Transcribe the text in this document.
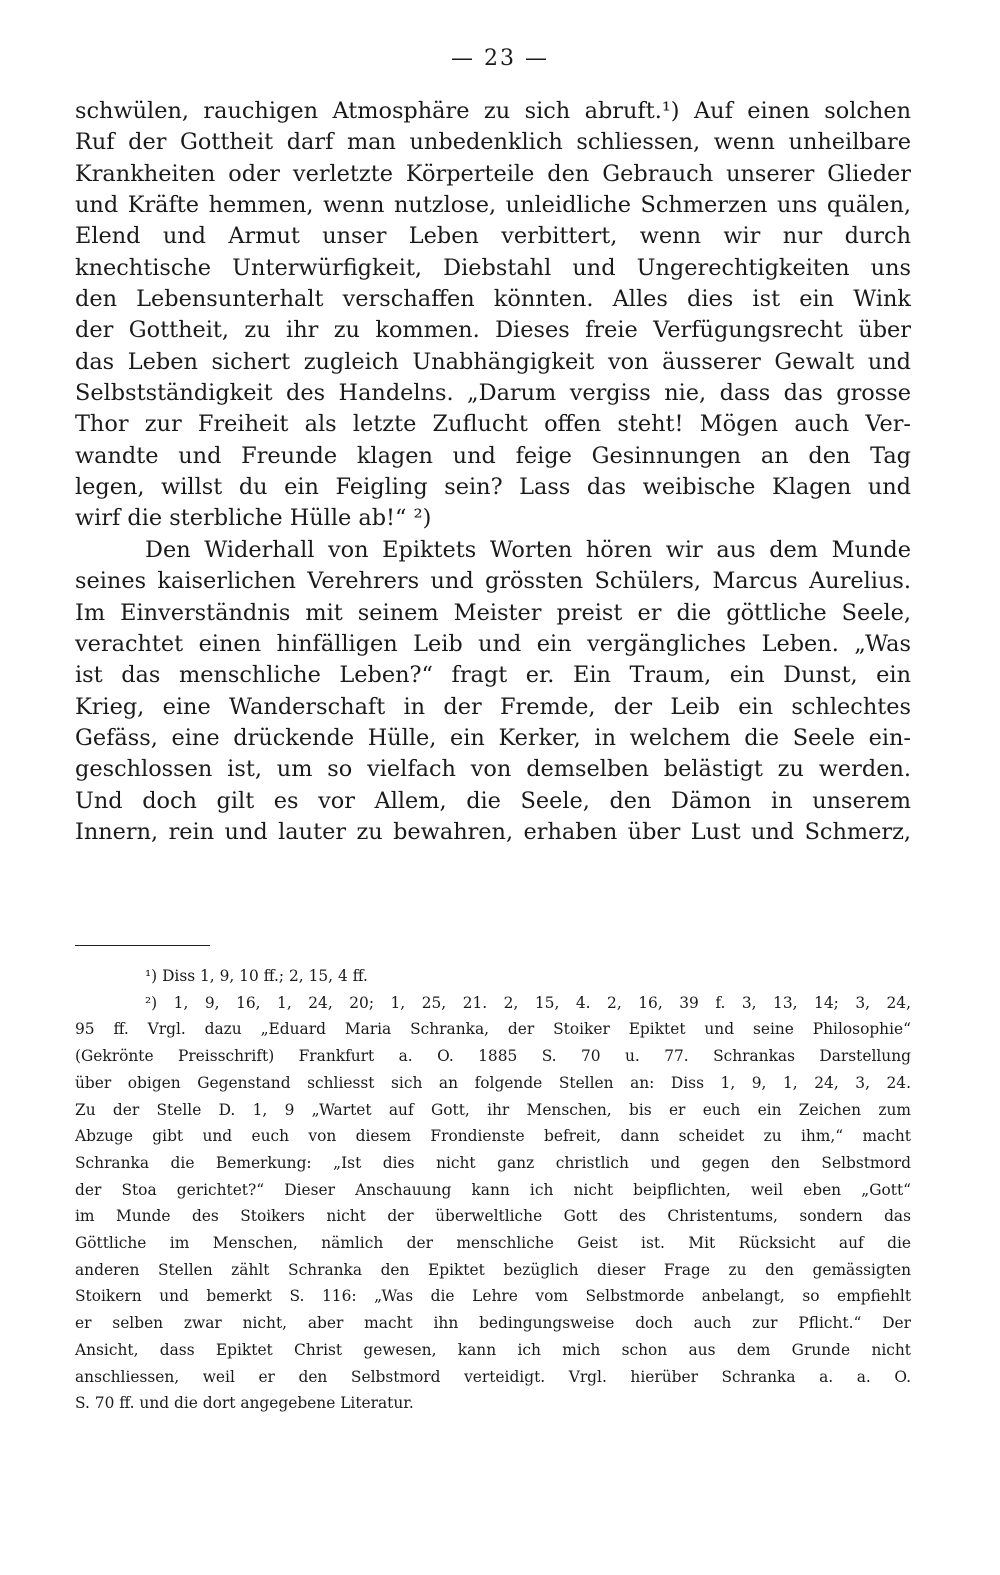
— 23 —
schwülen, rauchigen Atmosphäre zu sich abruft.¹) Auf einen solchen
Ruf der Gottheit darf man unbedenklich schliessen, wenn unheilbare
Krankheiten oder verletzte Körperteile den Gebrauch unserer Glieder
und Kräfte hemmen, wenn nutzlose, unleidliche Schmerzen uns quälen,
Elend und Armut unser Leben verbittert, wenn wir nur durch
knechtische Unterwürfigkeit, Diebstahl und Ungerechtigkeiten uns
den Lebensunterhalt verschaffen könnten. Alles dies ist ein Wink
der Gottheit, zu ihr zu kommen. Dieses freie Verfügungsrecht über
das Leben sichert zugleich Unabhängigkeit von äusserer Gewalt und
Selbstständigkeit des Handelns. „Darum vergiss nie, dass das grosse
Thor zur Freiheit als letzte Zuflucht offen steht! Mögen auch Ver-
wandte und Freunde klagen und feige Gesinnungen an den Tag
legen, willst du ein Feigling sein? Lass das weibische Klagen und
wirf die sterbliche Hülle ab!“ ²)
Den Widerhall von Epiktets Worten hören wir aus dem Munde
seines kaiserlichen Verehrers und grössten Schülers, Marcus Aurelius.
Im Einverständnis mit seinem Meister preist er die göttliche Seele,
verachtet einen hinfälligen Leib und ein vergängliches Leben. „Was
ist das menschliche Leben?“ fragt er. Ein Traum, ein Dunst, ein
Krieg, eine Wanderschaft in der Fremde, der Leib ein schlechtes
Gefäss, eine drückende Hülle, ein Kerker, in welchem die Seele ein-
geschlossen ist, um so vielfach von demselben belästigt zu werden.
Und doch gilt es vor Allem, die Seele, den Dämon in unserem
Innern, rein und lauter zu bewahren, erhaben über Lust und Schmerz,
¹) Diss 1, 9, 10 ff.; 2, 15, 4 ff.
²) 1, 9, 16, 1, 24, 20; 1, 25, 21. 2, 15, 4. 2, 16, 39 f. 3, 13, 14; 3, 24,
95 ff. Vrgl. dazu „Eduard Maria Schranka, der Stoiker Epiktet und seine Philosophie“
(Gekrönte Preisschrift) Frankfurt a. O. 1885 S. 70 u. 77. Schrankas Darstellung
über obigen Gegenstand schliesst sich an folgende Stellen an: Diss 1, 9, 1, 24, 3, 24.
Zu der Stelle D. 1, 9 „Wartet auf Gott, ihr Menschen, bis er euch ein Zeichen zum
Abzuge gibt und euch von diesem Frondienste befreit, dann scheidet zu ihm,“ macht
Schranka die Bemerkung: „Ist dies nicht ganz christlich und gegen den Selbstmord
der Stoa gerichtet?“ Dieser Anschauung kann ich nicht beipflichten, weil eben „Gott“
im Munde des Stoikers nicht der überweltliche Gott des Christentums, sondern das
Göttliche im Menschen, nämlich der menschliche Geist ist. Mit Rücksicht auf die
anderen Stellen zählt Schranka den Epiktet bezüglich dieser Frage zu den gemässigten
Stoikern und bemerkt S. 116: „Was die Lehre vom Selbstmorde anbelangt, so empfiehlt
er selben zwar nicht, aber macht ihn bedingungsweise doch auch zur Pflicht.“ Der
Ansicht, dass Epiktet Christ gewesen, kann ich mich schon aus dem Grunde nicht
anschliessen, weil er den Selbstmord verteidigt. Vrgl. hierüber Schranka a. a. O.
S. 70 ff. und die dort angegebene Literatur.
